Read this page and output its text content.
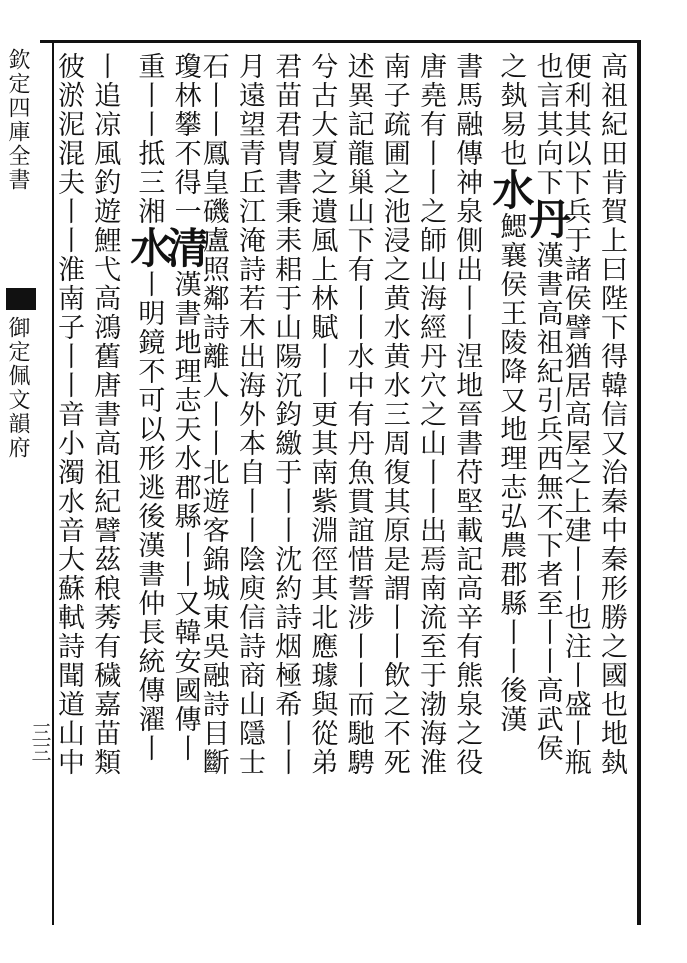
欽定四庫全書
御定佩文韻府
三三	高祖紀田肯賀上曰陛下得韓信又治秦中秦形勝之國也地埶
便利其以下兵于諸侯譬猶居高屋之上建丨丨也注丨盛丨瓶
也言其向下丹漢書高祖紀引兵西無不下者至丨丨高武侯
之埶易也水鰓襄侯王陵降又地理志弘農郡縣丨丨後漢
書馬融傳神泉側出丨丨涅地晉書苻堅載記高辛有熊泉之役
唐堯有丨丨之師山海經丹穴之山丨丨出焉南流至于渤海淮
南子疏圃之池浸之黄水黄水三周復其原是謂丨丨飲之不死
述異記龍巢山下有丨丨水中有丹魚貫誼惜誓涉丨丨而馳騁
兮古大夏之遺風上林賦丨丨更其南紫淵徑其北應璩與從弟
君苗君冑書秉耒耜于山陽沉鈞繳于丨丨沈約詩烟極希丨丨
月遠望青丘江淹詩若木出海外本自丨丨陰庾信詩商山隱士
石丨丨鳳皇磯盧照鄰詩離人丨丨北遊客錦城東吳融詩目斷
瓊林攀不得一清漢書地理志天水郡縣丨丨又韓安國傳丨
重丨丨抵三湘水丨明鏡不可以形逃後漢書仲長統傳濯丨
丨追凉風釣遊鯉弋高鴻舊唐書高祖紀譬茲稂莠有穢嘉苗類
彼淤泥混夫丨丨淮南子丨丨音小濁水音大蘇軾詩聞道山中
